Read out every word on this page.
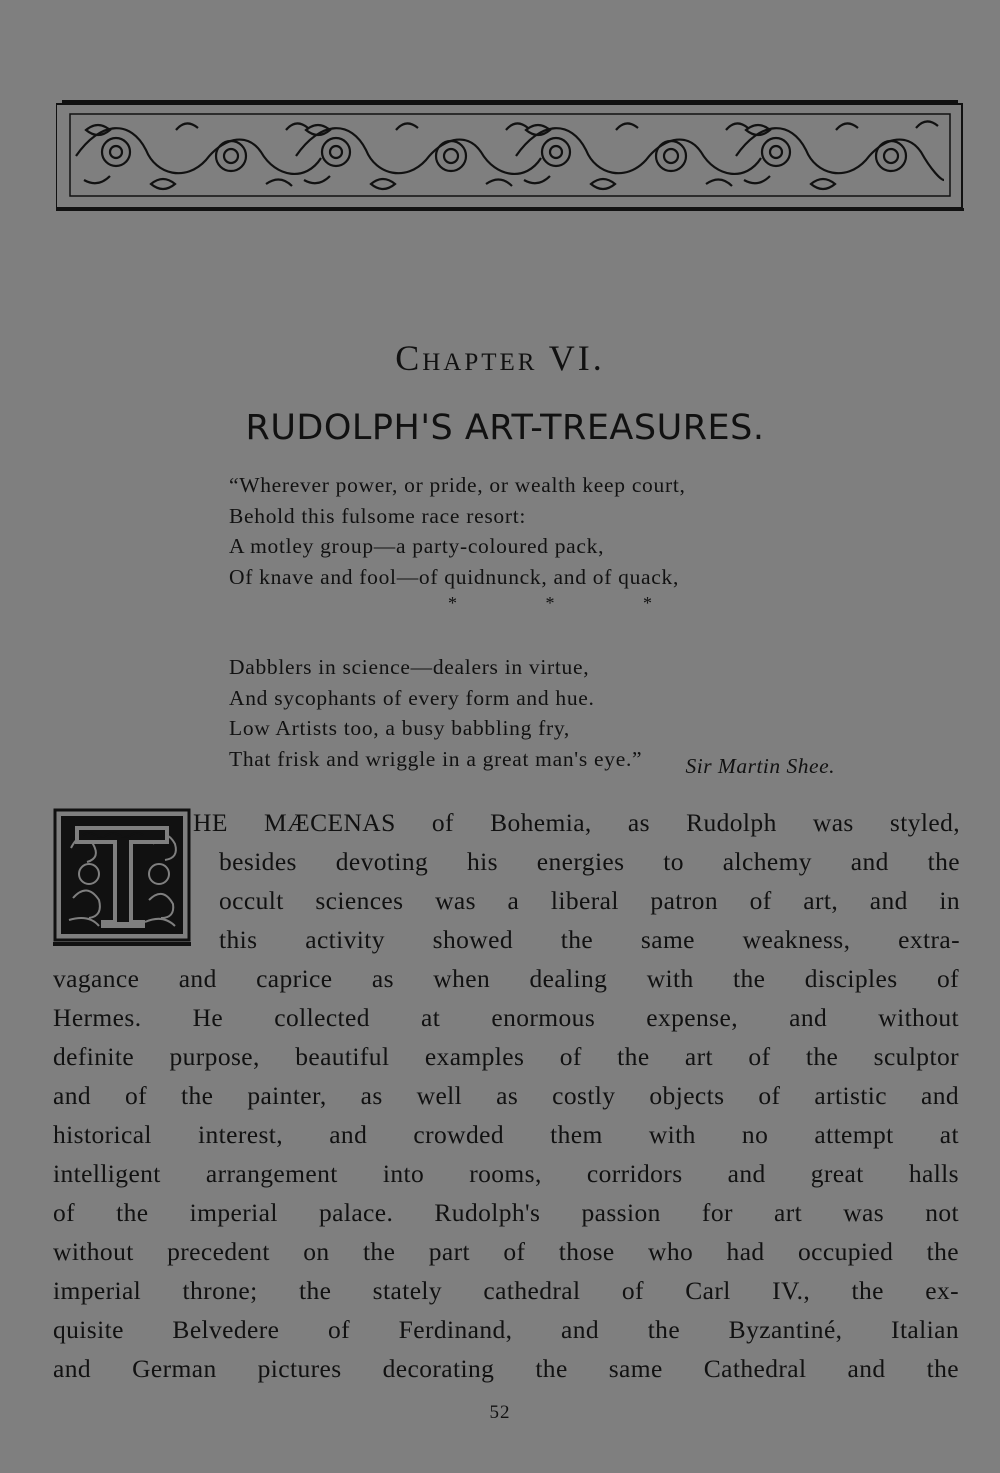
Chapter VI.
RUDOLPH'S ART-TREASURES.
“Wherever power, or pride, or wealth keep court,
Behold this fulsome race resort:
A motley group—a party-coloured pack,
Of knave and fool—of quidnunck, and of quack,
Dabblers in science—dealers in virtue,
And sycophants of every form and hue.
Low Artists too, a busy babbling fry,
That frisk and wriggle in a great man's eye.”
* * *
Sir Martin Shee.
HE MÆCENAS of Bohemia, as Rudolph was styled,
besides devoting his energies to alchemy and the
occult sciences was a liberal patron of art, and in
this activity showed the same weakness, extra-
vagance and caprice as when dealing with the disciples of
Hermes. He collected at enormous expense, and without
definite purpose, beautiful examples of the art of the sculptor
and of the painter, as well as costly objects of artistic and
historical interest, and crowded them with no attempt at
intelligent arrangement into rooms, corridors and great halls
of the imperial palace. Rudolph's passion for art was not
without precedent on the part of those who had occupied the
imperial throne; the stately cathedral of Carl IV., the ex-
quisite Belvedere of Ferdinand, and the Byzantiné, Italian
and German pictures decorating the same Cathedral and the
52
